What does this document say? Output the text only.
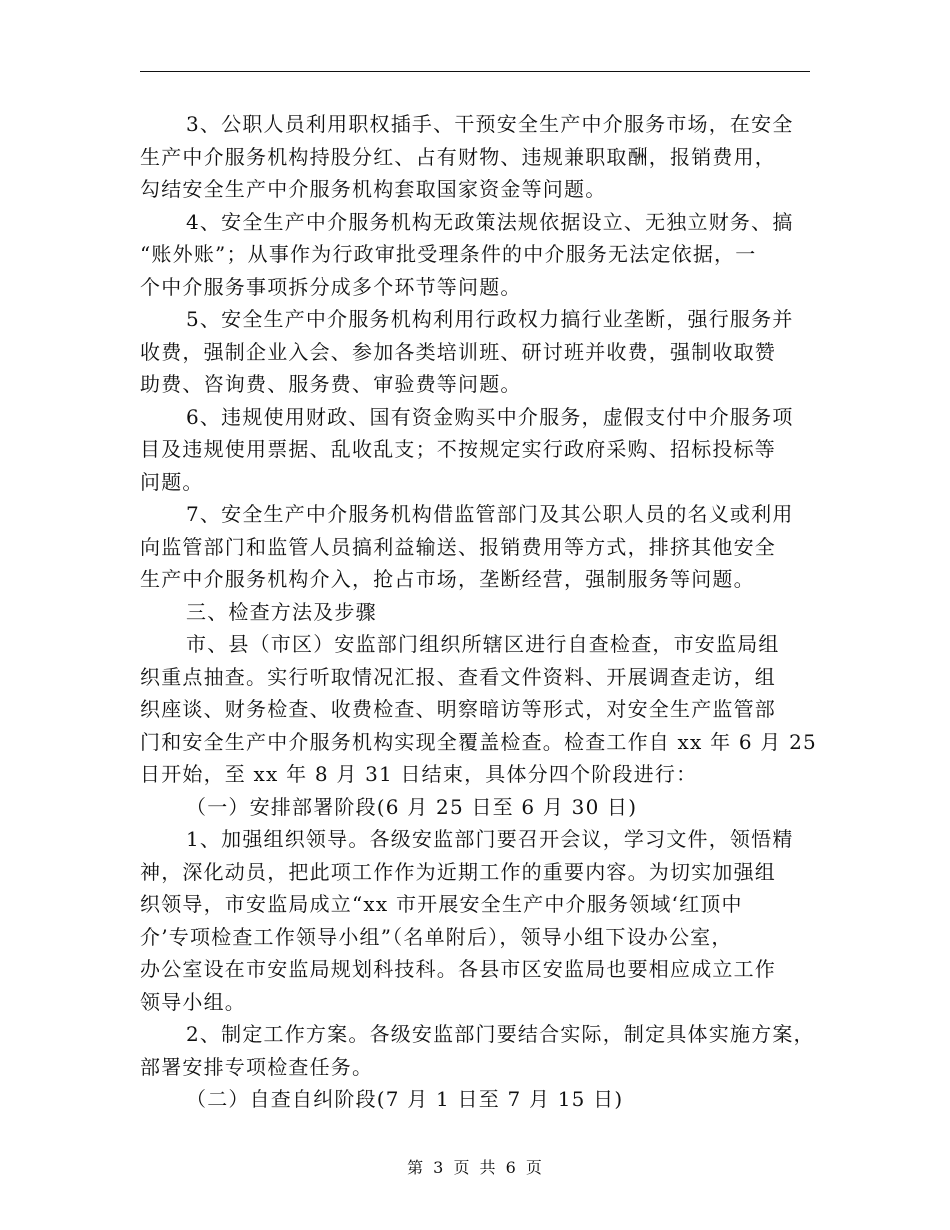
3、公职人员利用职权插手、干预安全生产中介服务市场，在安全
生产中介服务机构持股分红、占有财物、违规兼职取酬，报销费用，
勾结安全生产中介服务机构套取国家资金等问题。
4、安全生产中介服务机构无政策法规依据设立、无独立财务、搞
“账外账”；从事作为行政审批受理条件的中介服务无法定依据，一
个中介服务事项拆分成多个环节等问题。
5、安全生产中介服务机构利用行政权力搞行业垄断，强行服务并
收费，强制企业入会、参加各类培训班、研讨班并收费，强制收取赞
助费、咨询费、服务费、审验费等问题。
6、违规使用财政、国有资金购买中介服务，虚假支付中介服务项
目及违规使用票据、乱收乱支；不按规定实行政府采购、招标投标等
问题。
7、安全生产中介服务机构借监管部门及其公职人员的名义或利用
向监管部门和监管人员搞利益输送、报销费用等方式，排挤其他安全
生产中介服务机构介入，抢占市场，垄断经营，强制服务等问题。
三、检查方法及步骤
市、县（市区）安监部门组织所辖区进行自查检查，市安监局组
织重点抽查。实行听取情况汇报、查看文件资料、开展调查走访，组
织座谈、财务检查、收费检查、明察暗访等形式，对安全生产监管部
门和安全生产中介服务机构实现全覆盖检查。检查工作自 xx 年 6 月 25
日开始，至 xx 年 8 月 31 日结束，具体分四个阶段进行：
（一）安排部署阶段(6 月 25 日至 6 月 30 日)
1、加强组织领导。各级安监部门要召开会议，学习文件，领悟精
神，深化动员，把此项工作作为近期工作的重要内容。为切实加强组
织领导，市安监局成立“xx 市开展安全生产中介服务领域‘红顶中
介’专项检查工作领导小组”（名单附后），领导小组下设办公室，
办公室设在市安监局规划科技科。各县市区安监局也要相应成立工作
领导小组。
2、制定工作方案。各级安监部门要结合实际，制定具体实施方案，
部署安排专项检查任务。
（二）自查自纠阶段(7 月 1 日至 7 月 15 日)
第 3 页 共 6 页
